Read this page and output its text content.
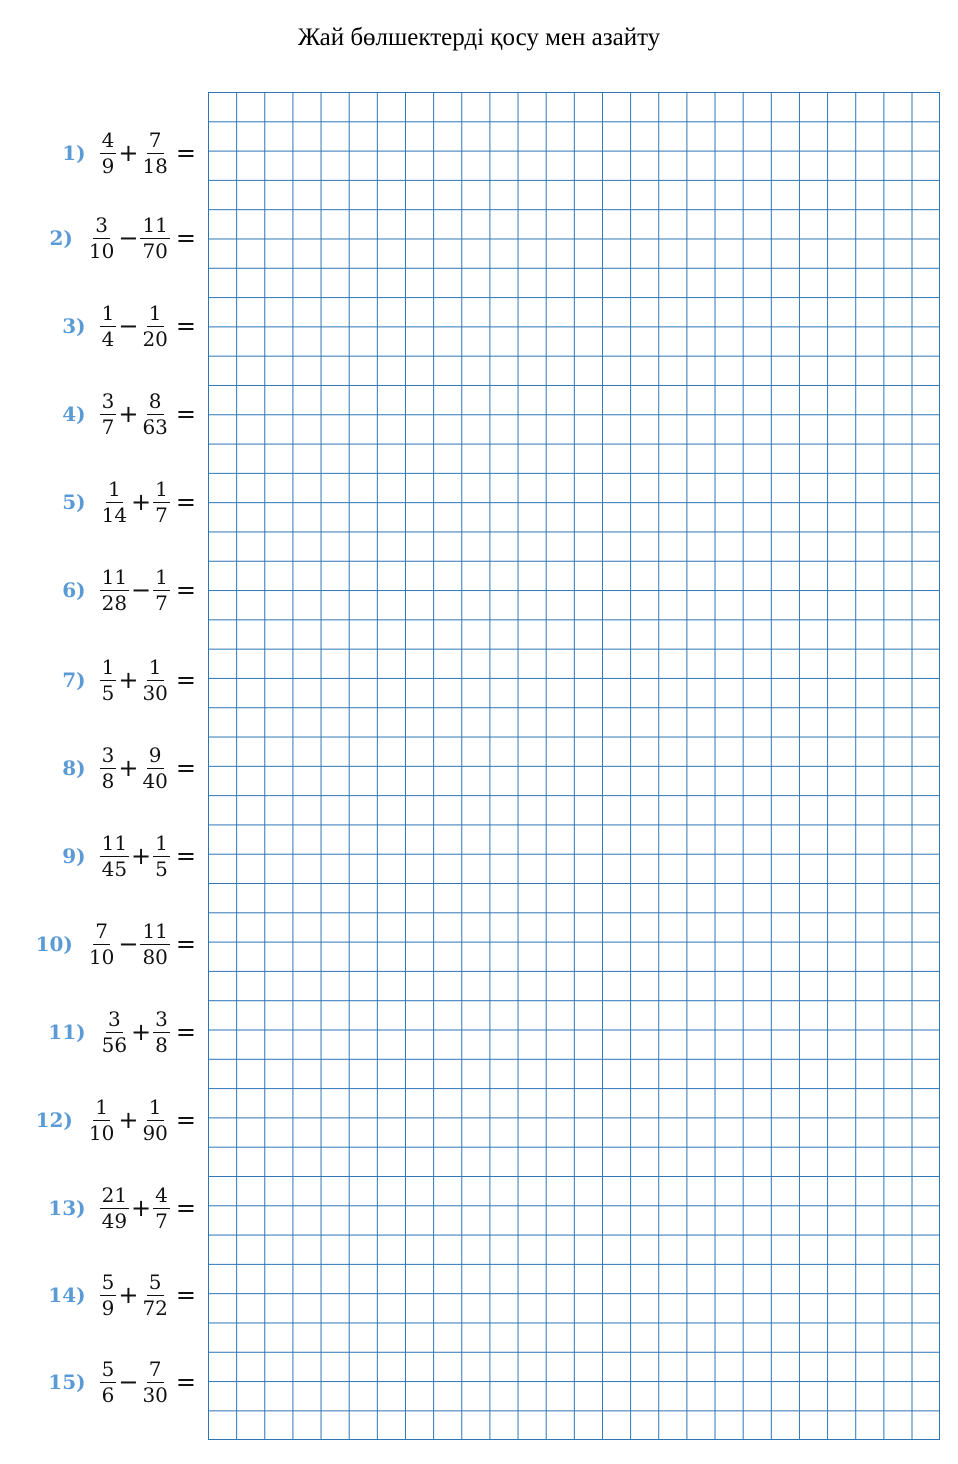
Жай бөлшектерді қосу мен азайту
$1) \frac{4}{9} + \frac{7}{18}$ =
$2) \frac{3}{10} - \frac{11}{70}$ =
$3) \frac{1}{4} - \frac{1}{20}$ =
$4) \frac{3}{7} + \frac{8}{63}$ =
$5) \frac{1}{14} + \frac{1}{7}$ =
$6) \frac{11}{28} - \frac{1}{7}$ =
$7) \frac{1}{5} + \frac{1}{30}$ =
$8) \frac{3}{8} + \frac{9}{40}$ =
$9) \frac{11}{45} + \frac{1}{5}$ =
$10) \frac{7}{10} - \frac{11}{80}$ =
$11) \frac{3}{56} + \frac{3}{8}$ =
$12) \frac{1}{10} + \frac{1}{90}$ =
$13) \frac{21}{49} + \frac{4}{7}$ =
$14) \frac{5}{9} + \frac{5}{72}$ =
$15) \frac{5}{6} - \frac{7}{30}$ =
